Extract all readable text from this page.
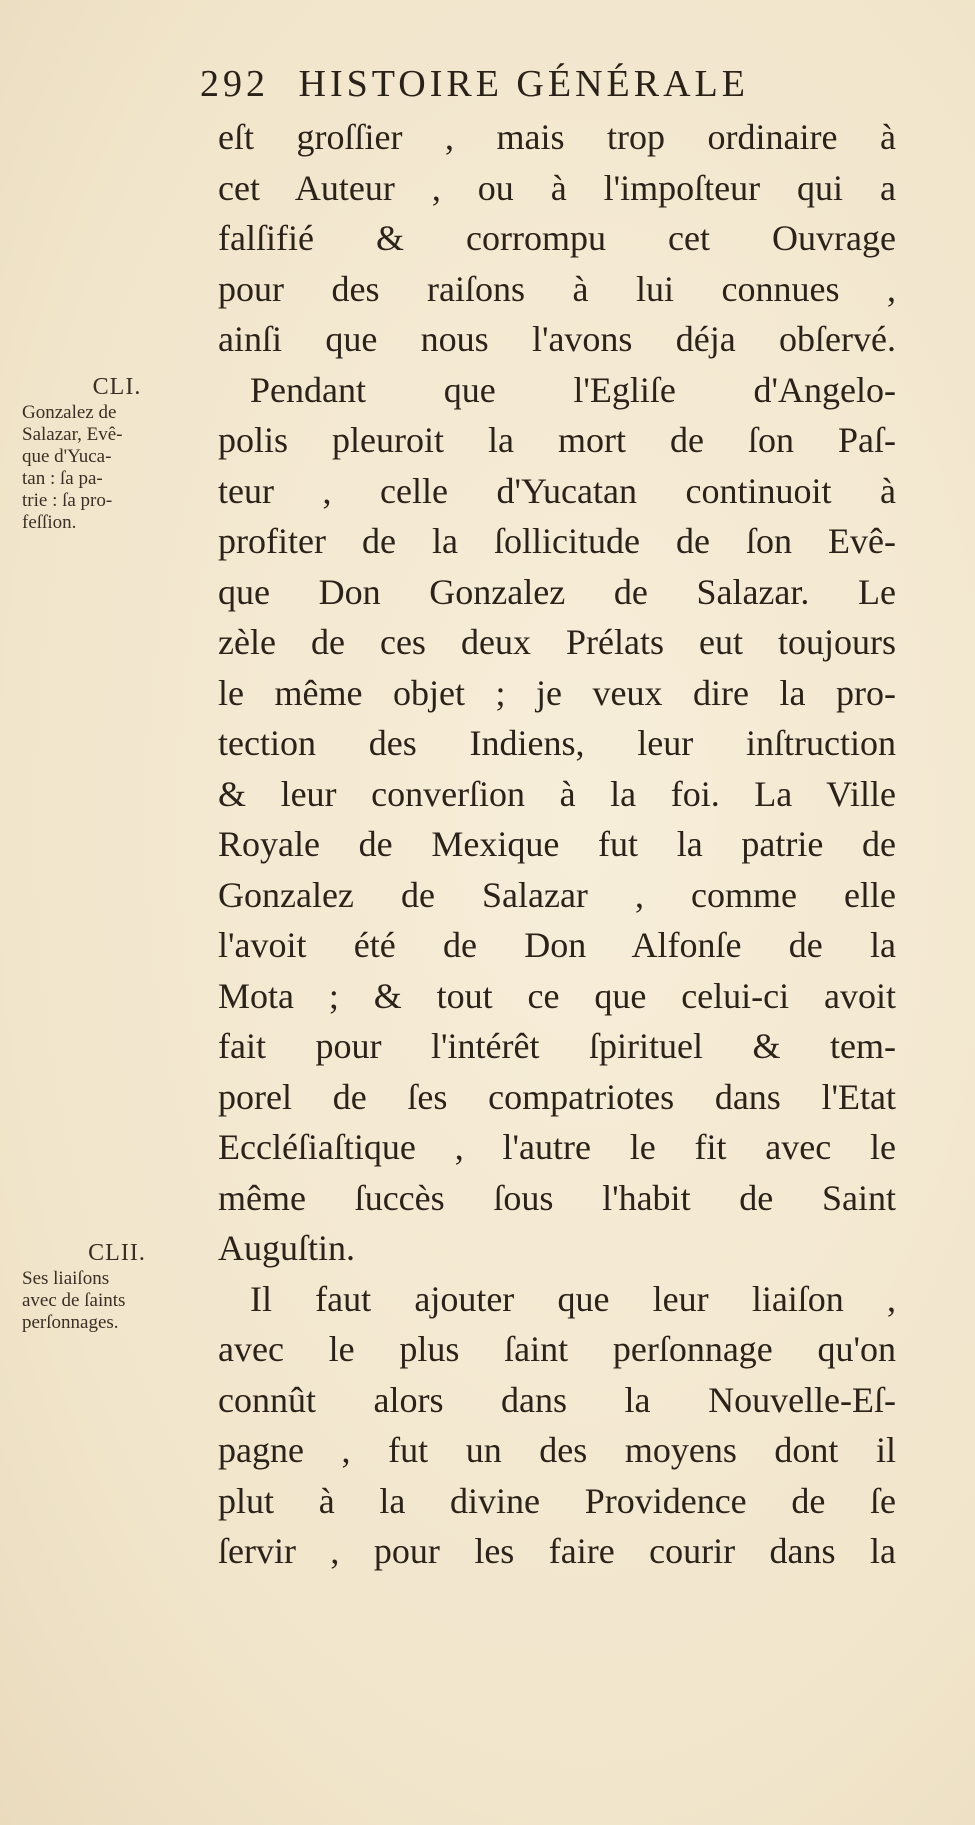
292 HISTOIRE GÉNÉRALE
CLI.
Gonzalez de
Salazar, Evê-
que d'Yuca-
tan : ſa pa-
trie : ſa pro-
feſſion.
CLII.
Ses liaiſons
avec de ſaints
perſonnages.
eſt groſſier , mais trop ordinaire à
cet Auteur , ou à l'impoſteur qui a
falſifié & corrompu cet Ouvrage
pour des raiſons à lui connues ,
ainſi que nous l'avons déja obſervé.
Pendant que l'Egliſe d'Angelo-
polis pleuroit la mort de ſon Paſ-
teur , celle d'Yucatan continuoit à
profiter de la ſollicitude de ſon Evê-
que Don Gonzalez de Salazar. Le
zèle de ces deux Prélats eut toujours
le même objet ; je veux dire la pro-
tection des Indiens, leur inſtruction
& leur converſion à la foi. La Ville
Royale de Mexique fut la patrie de
Gonzalez de Salazar , comme elle
l'avoit été de Don Alfonſe de la
Mota ; & tout ce que celui-ci avoit
fait pour l'intérêt ſpirituel & tem-
porel de ſes compatriotes dans l'Etat
Eccléſiaſtique , l'autre le fit avec le
même ſuccès ſous l'habit de Saint
Auguſtin.
Il faut ajouter que leur liaiſon ,
avec le plus ſaint perſonnage qu'on
connût alors dans la Nouvelle-Eſ-
pagne , fut un des moyens dont il
plut à la divine Providence de ſe
ſervir , pour les faire courir dans la
